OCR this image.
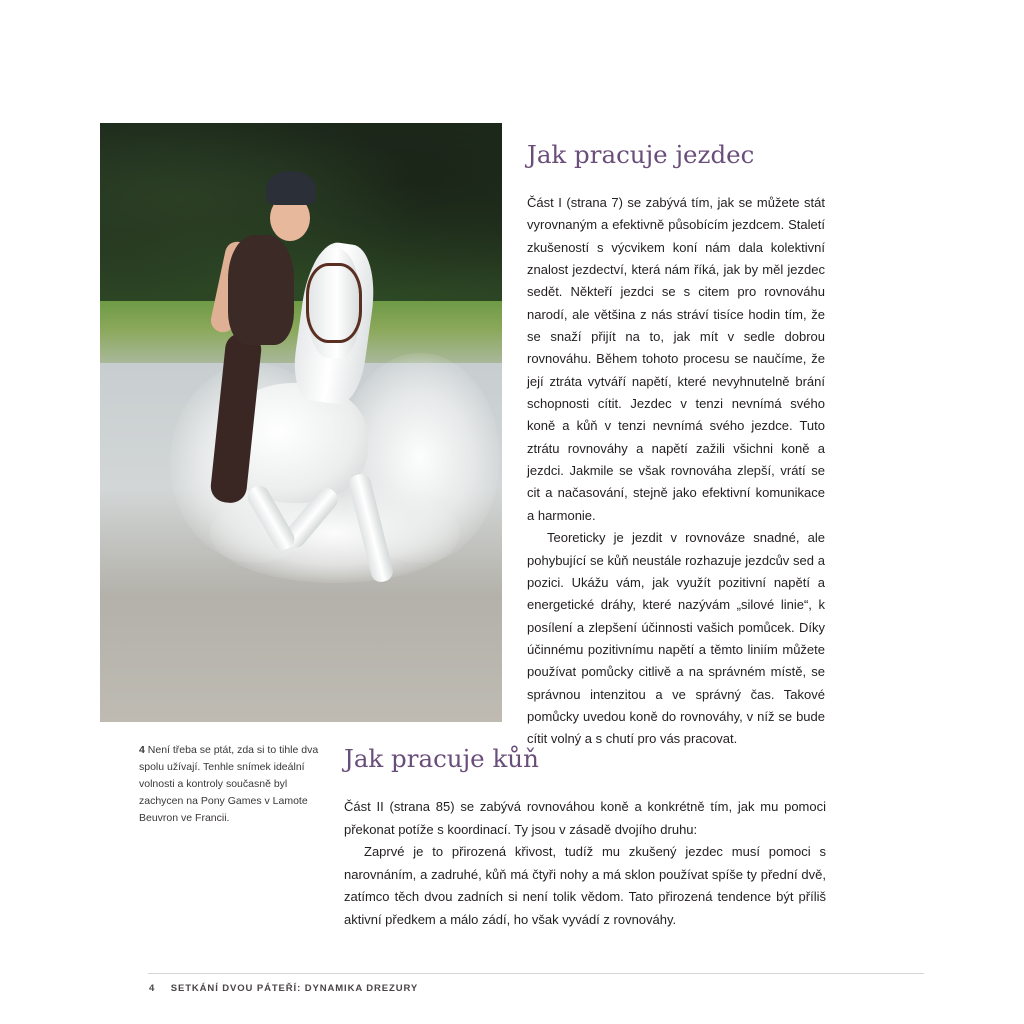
4 Není třeba se ptát, zda si to tihle dva spolu užívají. Tenhle snímek ideální volnosti a kontroly současně byl zachycen na Pony Games v Lamote Beuvron ve Francii.
Jak pracuje jezdec

Část I (strana 7) se zabývá tím, jak se můžete stát vyrovnaným a efektivně působícím jezdcem. Staletí zkušeností s výcvikem koní nám dala kolektivní znalost jezdectví, která nám říká, jak by měl jezdec sedět. Někteří jezdci se s citem pro rovnováhu narodí, ale většina z nás stráví tisíce hodin tím, že se snaží přijít na to, jak mít v sedle dobrou rovnováhu. Během tohoto procesu se naučíme, že její ztráta vytváří napětí, které nevyhnutelně brání schopnosti cítit. Jezdec v tenzi nevnímá svého koně a kůň v tenzi nevnímá svého jezdce. Tuto ztrátu rovnováhy a napětí zažili všichni koně a jezdci. Jakmile se však rovnováha zlepší, vrátí se cit a načasování, stejně jako efektivní komunikace a harmonie.

Teoreticky je jezdit v rovnováze snadné, ale pohybující se kůň neustále rozhazuje jezdcův sed a pozici. Ukážu vám, jak využít pozitivní napětí a energetické dráhy, které nazývám „silové linie“, k posílení a zlepšení účinnosti vašich pomůcek. Díky účinnému pozitivnímu napětí a těmto liniím můžete používat pomůcky citlivě a na správném místě, se správnou intenzitou a ve správný čas. Takové pomůcky uvedou koně do rovnováhy, v níž se bude cítit volný a s chutí pro vás pracovat.

Jak pracuje kůň

Část II (strana 85) se zabývá rovnováhou koně a konkrétně tím, jak mu pomoci překonat potíže s koordinací. Ty jsou v zásadě dvojího druhu:

Zaprvé je to přirozená křivost, tudíž mu zkušený jezdec musí pomoci s narovnáním, a zadruhé, kůň má čtyři nohy a má sklon používat spíše ty přední dvě, zatímco těch dvou zadních si není tolik vědom. Tato přirozená tendence být příliš aktivní předkem a málo zádí, ho však vyvádí z rovnováhy.

4 SETKÁNÍ DVOU PÁTEŘÍ: DYNAMIKA DREZURY
